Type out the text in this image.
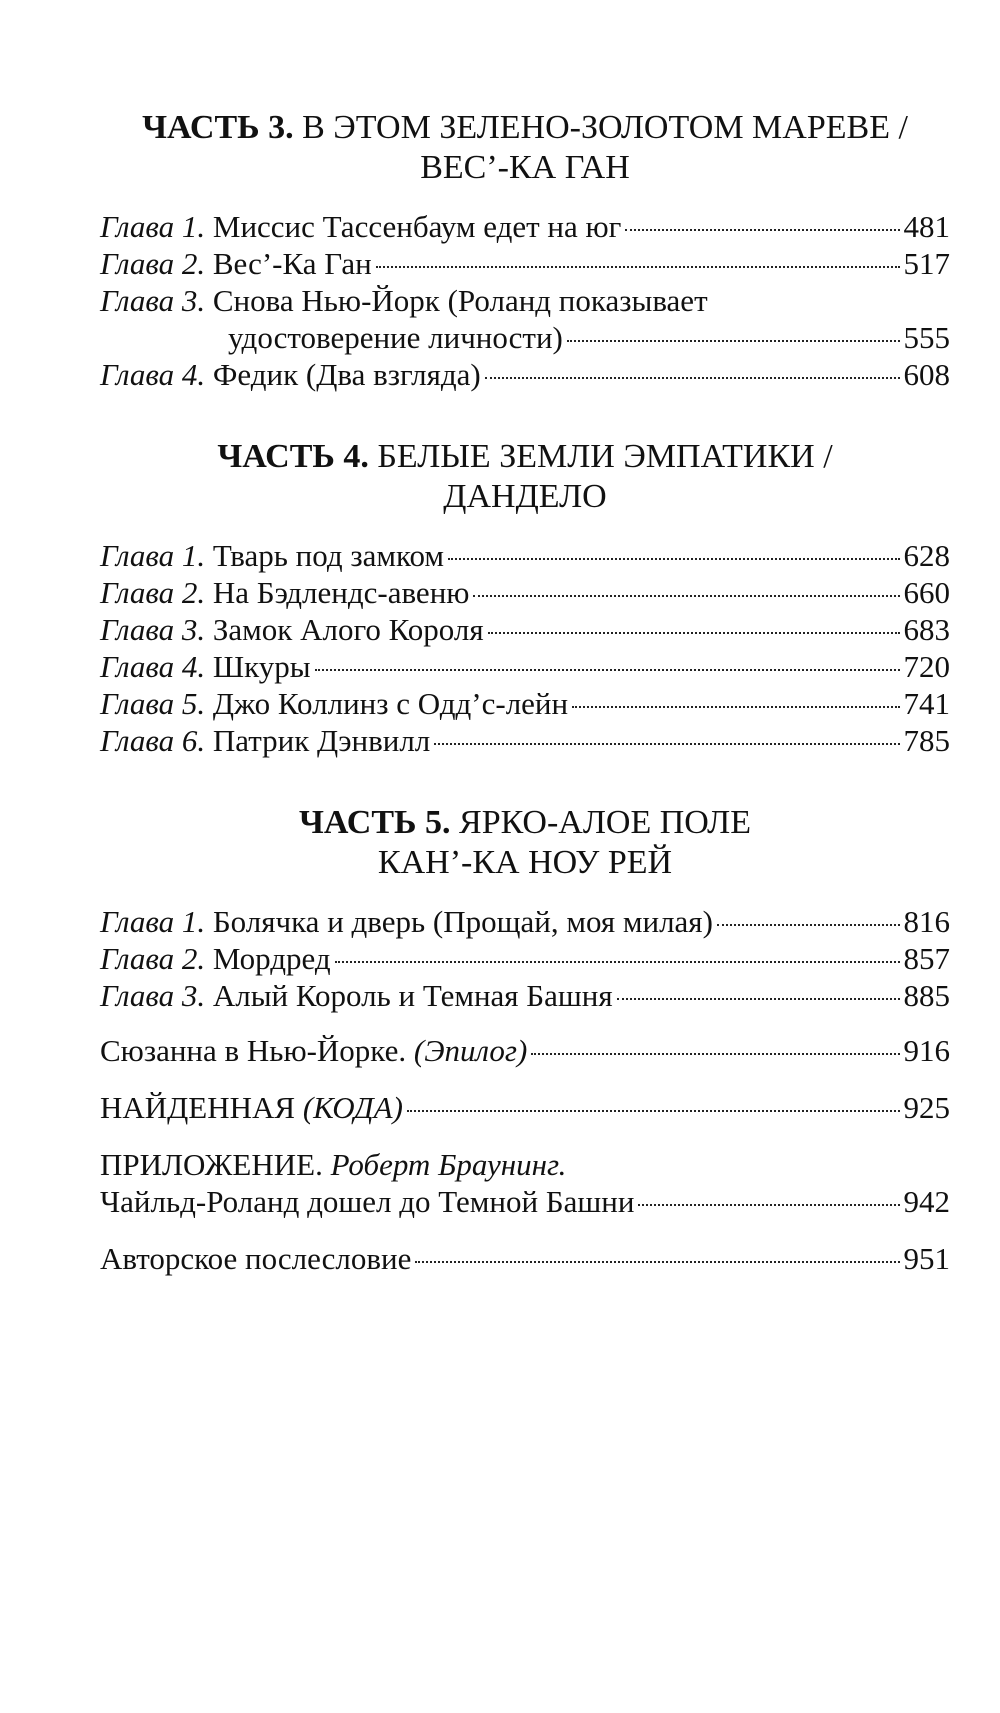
ЧАСТЬ 3. В ЭТОМ ЗЕЛЕНО-ЗОЛОТОМ МАРЕВЕ /
ВЕС’-КА ГАН
Глава 1. Миссис Тассенбаум едет на юг	481
Глава 2. Вес’-Ка Ган	517
Глава 3. Снова Нью-Йорк (Роланд показывает
удостоверение личности)	555
Глава 4. Федик (Два взгляда)	608
ЧАСТЬ 4. БЕЛЫЕ ЗЕМЛИ ЭМПАТИКИ /
ДАНДЕЛО
Глава 1. Тварь под замком	628
Глава 2. На Бэдлендс-авеню	660
Глава 3. Замок Алого Короля	683
Глава 4. Шкуры	720
Глава 5. Джо Коллинз с Одд’с-лейн	741
Глава 6. Патрик Дэнвилл	785
ЧАСТЬ 5. ЯРКО-АЛОЕ ПОЛЕ
КАН’-КА НОУ РЕЙ
Глава 1. Болячка и дверь (Прощай, моя милая)	816
Глава 2. Мордред	857
Глава 3. Алый Король и Темная Башня	885
Сюзанна в Нью-Йорке. (Эпилог)	916
НАЙДЕННАЯ (КОДА)	925
ПРИЛОЖЕНИЕ. Роберт Браунинг.
Чайльд-Роланд дошел до Темной Башни	942
Авторское послесловие	951
